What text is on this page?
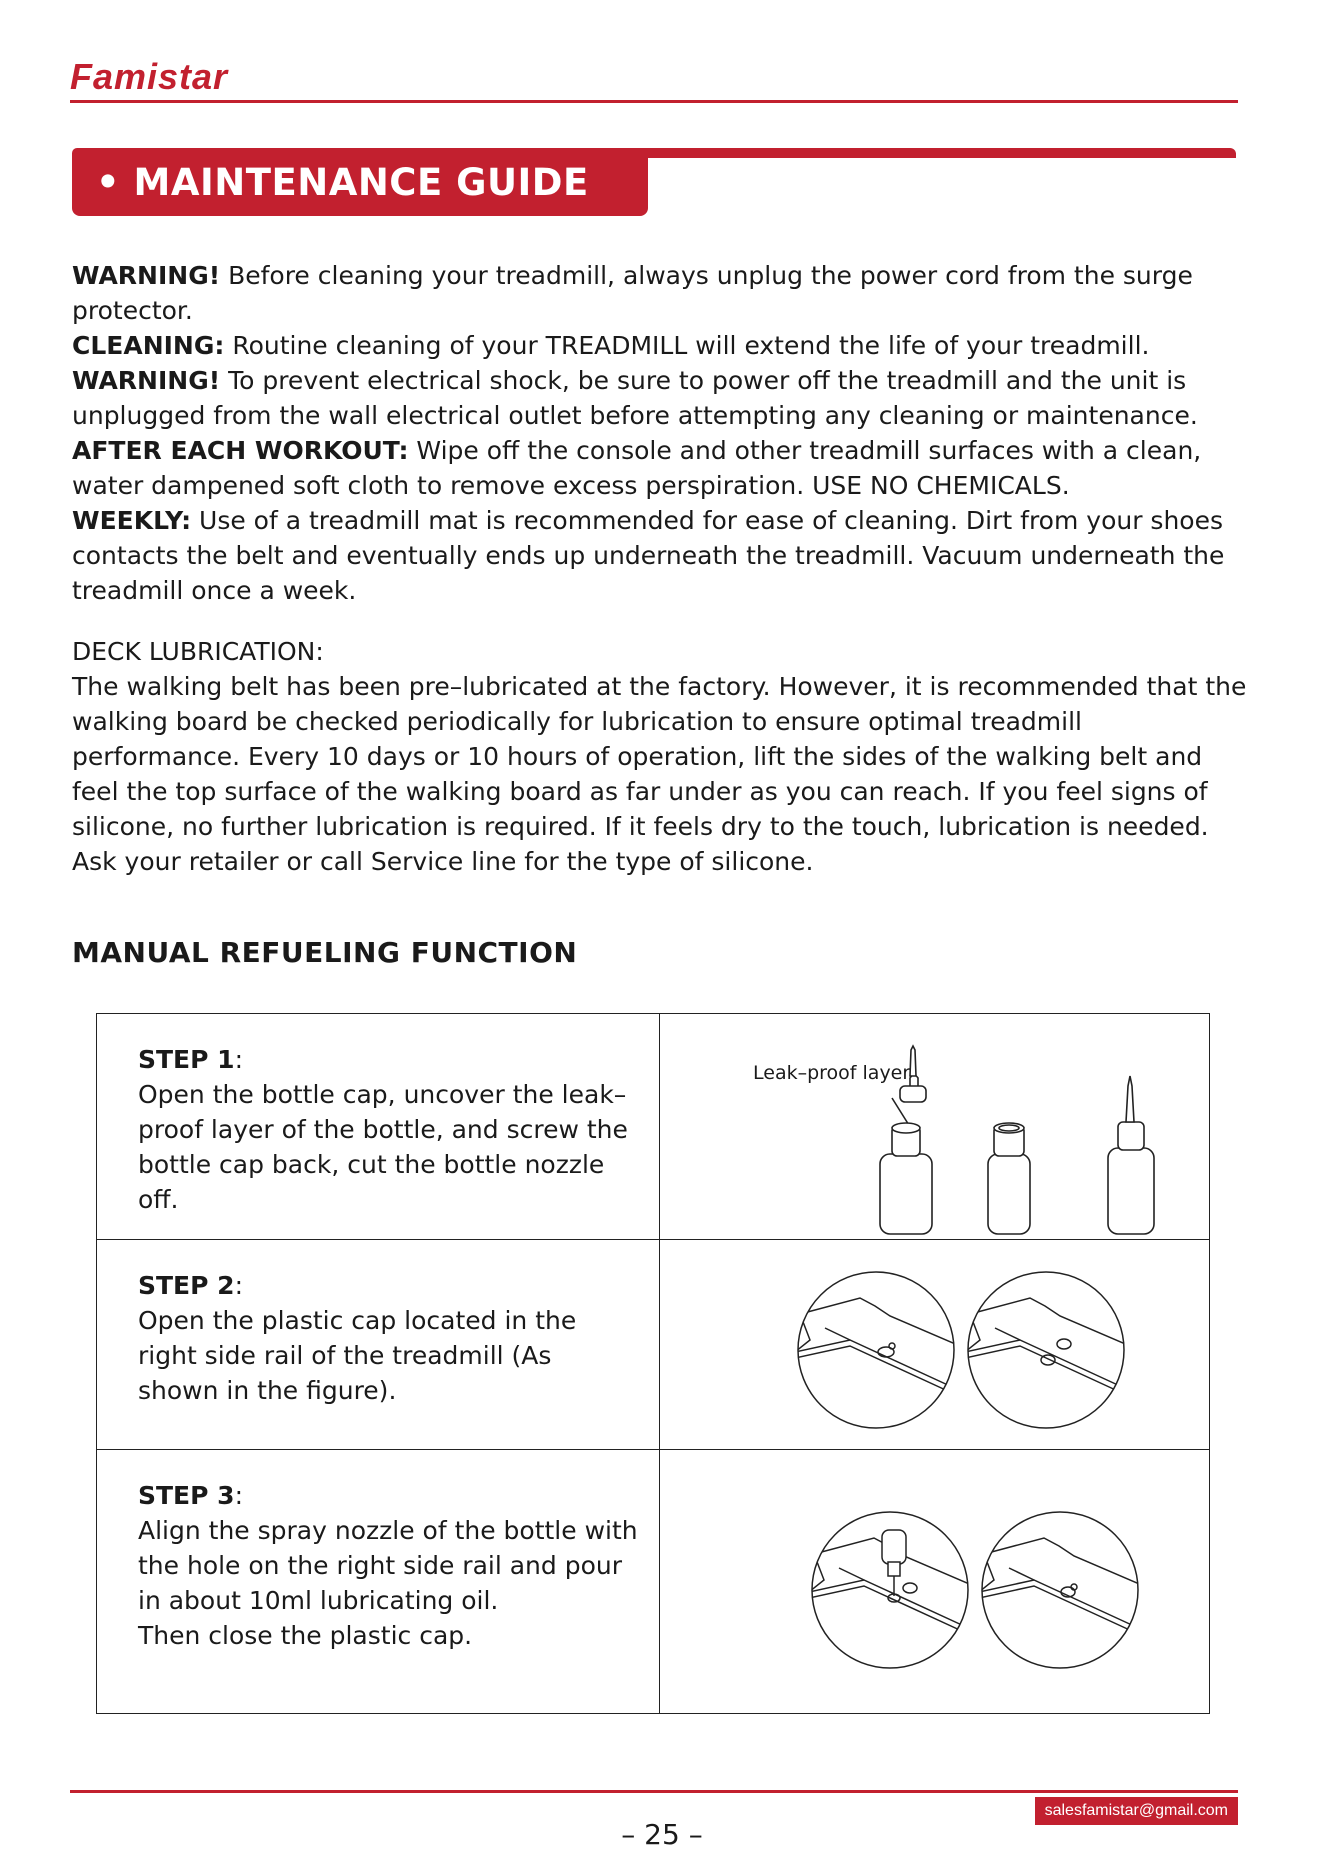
Famistar
• MAINTENANCE GUIDE

WARNING! Before cleaning your treadmill, always unplug the power cord from the surge protector.

CLEANING: Routine cleaning of your TREADMILL will extend the life of your treadmill.

WARNING! To prevent electrical shock, be sure to power off the treadmill and the unit is unplugged from the wall electrical outlet before attempting any cleaning or maintenance.

AFTER EACH WORKOUT: Wipe off the console and other treadmill surfaces with a clean, water dampened soft cloth to remove excess perspiration. USE NO CHEMICALS.

WEEKLY: Use of a treadmill mat is recommended for ease of cleaning. Dirt from your shoes contacts the belt and eventually ends up underneath the treadmill. Vacuum underneath the treadmill once a week.

DECK LUBRICATION:

The walking belt has been pre–lubricated at the factory. However, it is recommended that the walking board be checked periodically for lubrication to ensure optimal treadmill performance. Every 10 days or 10 hours of operation, lift the sides of the walking belt and feel the top surface of the walking board as far under as you can reach. If you feel signs of silicone, no further lubrication is required. If it feels dry to the touch, lubrication is needed. Ask your retailer or call Service line for the type of silicone.

MANUAL REFUELING FUNCTION
STEP 1:
Open the bottle cap, uncover the leak–proof layer of the bottle, and screw the bottle cap back, cut the bottle nozzle off.
Leak–proof layer
STEP 2:
Open the plastic cap located in the right side rail of the treadmill (As shown in the figure).
STEP 3:
Align the spray nozzle of the bottle with the hole on the right side rail and pour in about 10ml lubricating oil.
Then close the plastic cap.
salesfamistar@gmail.com
– 25 –
